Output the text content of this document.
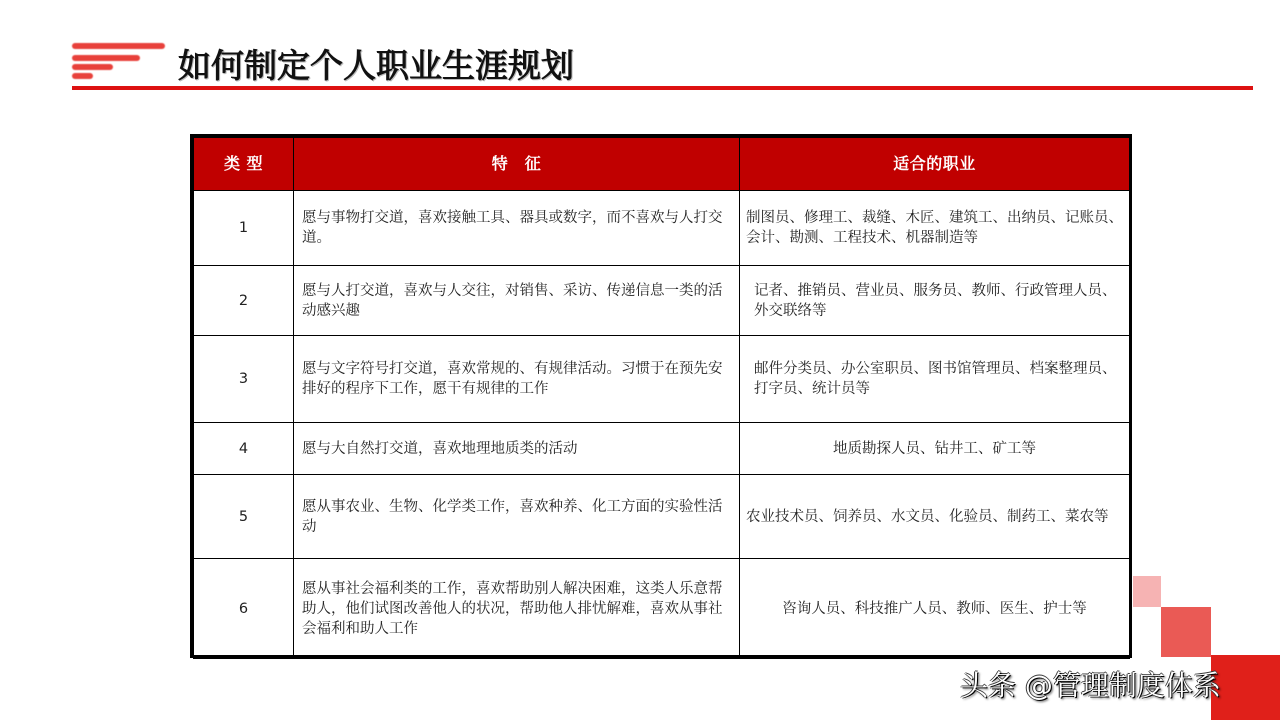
如何制定个人职业生涯规划
类 型	特　征	适合的职业
1	愿与事物打交道，喜欢接触工具、器具或数字，而不喜欢与人打交道。	制图员、修理工、裁缝、木匠、建筑工、出纳员、记账员、会计、勘测、工程技术、机器制造等
2	愿与人打交道，喜欢与人交往，对销售、采访、传递信息一类的活动感兴趣	记者、推销员、营业员、服务员、教师、行政管理人员、外交联络等
3	愿与文字符号打交道，喜欢常规的、有规律活动。习惯于在预先安排好的程序下工作，愿干有规律的工作	邮件分类员、办公室职员、图书馆管理员、档案整理员、打字员、统计员等
4	愿与大自然打交道，喜欢地理地质类的活动	地质勘探人员、钻井工、矿工等
5	愿从事农业、生物、化学类工作，喜欢种养、化工方面的实验性活动	农业技术员、饲养员、水文员、化验员、制药工、菜农等
6	愿从事社会福利类的工作，喜欢帮助别人解决困难，这类人乐意帮助人，他们试图改善他人的状况，帮助他人排忧解难，喜欢从事社会福利和助人工作	咨询人员、科技推广人员、教师、医生、护士等
头条 @管理制度体系
